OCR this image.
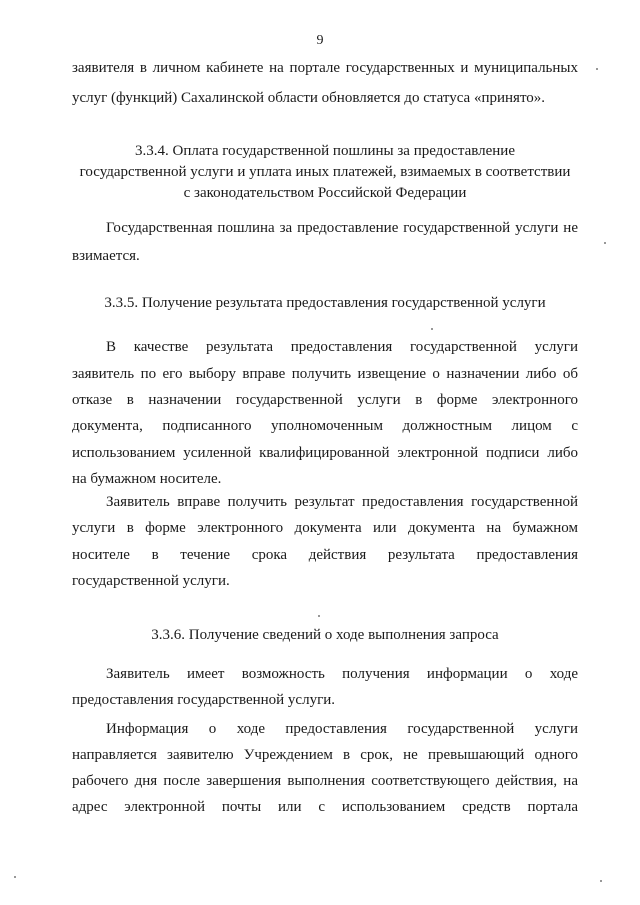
9
заявителя в личном кабинете на портале государственных и муниципальных
услуг (функций) Сахалинской области обновляется до статуса «принято».
3.3.4. Оплата государственной пошлины за предоставление
государственной услуги и уплата иных платежей, взимаемых в соответствии
с законодательством Российской Федерации
Государственная пошлина за предоставление государственной услуги не
взимается.
3.3.5. Получение результата предоставления государственной услуги
В качестве результата предоставления государственной услуги
заявитель по его выбору вправе получить извещение о назначении либо об
отказе в назначении государственной услуги в форме электронного
документа, подписанного уполномоченным должностным лицом с
использованием усиленной квалифицированной электронной подписи либо
на бумажном носителе.
Заявитель вправе получить результат предоставления государственной
услуги в форме электронного документа или документа на бумажном
носителе в течение срока действия результата предоставления
государственной услуги.
3.3.6. Получение сведений о ходе выполнения запроса
Заявитель имеет возможность получения информации о ходе
предоставления государственной услуги.
Информация о ходе предоставления государственной услуги
направляется заявителю Учреждением в срок, не превышающий одного
рабочего дня после завершения выполнения соответствующего действия, на
адрес электронной почты или с использованием средств портала
